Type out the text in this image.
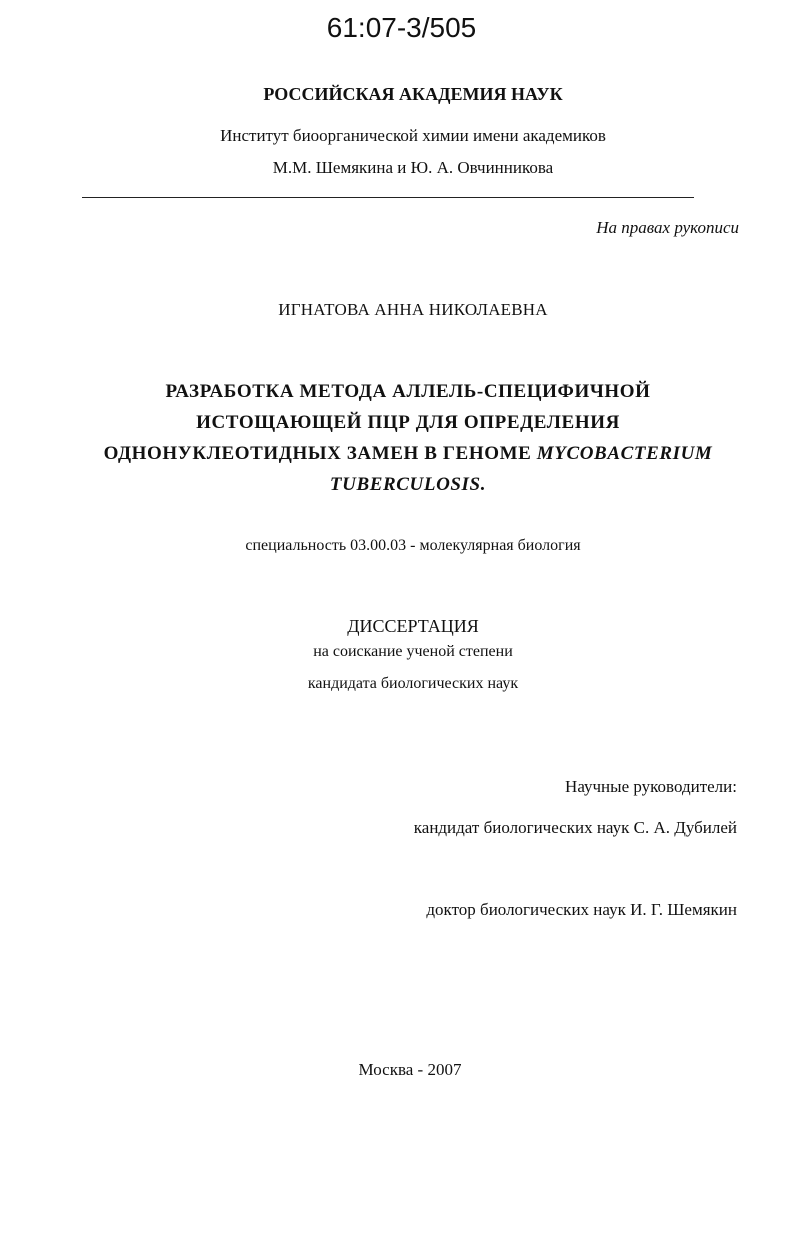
61:07-3/505
РОССИЙСКАЯ АКАДЕМИЯ НАУК
Институт биоорганической химии имени академиков
М.М. Шемякина и Ю. А. Овчинникова
На правах рукописи
ИГНАТОВА АННА НИКОЛАЕВНА
РАЗРАБОТКА МЕТОДА АЛЛЕЛЬ-СПЕЦИФИЧНОЙ
ИСТОЩАЮЩЕЙ ПЦР ДЛЯ ОПРЕДЕЛЕНИЯ
ОДНОНУКЛЕОТИДНЫХ ЗАМЕН В ГЕНОМЕ MYCOBACTERIUM
TUBERCULOSIS.
специальность 03.00.03 - молекулярная биология
ДИССЕРТАЦИЯ
на соискание ученой степени
кандидата биологических наук
Научные руководители:
кандидат биологических наук С. А. Дубилей
доктор биологических наук И. Г. Шемякин
Москва - 2007
